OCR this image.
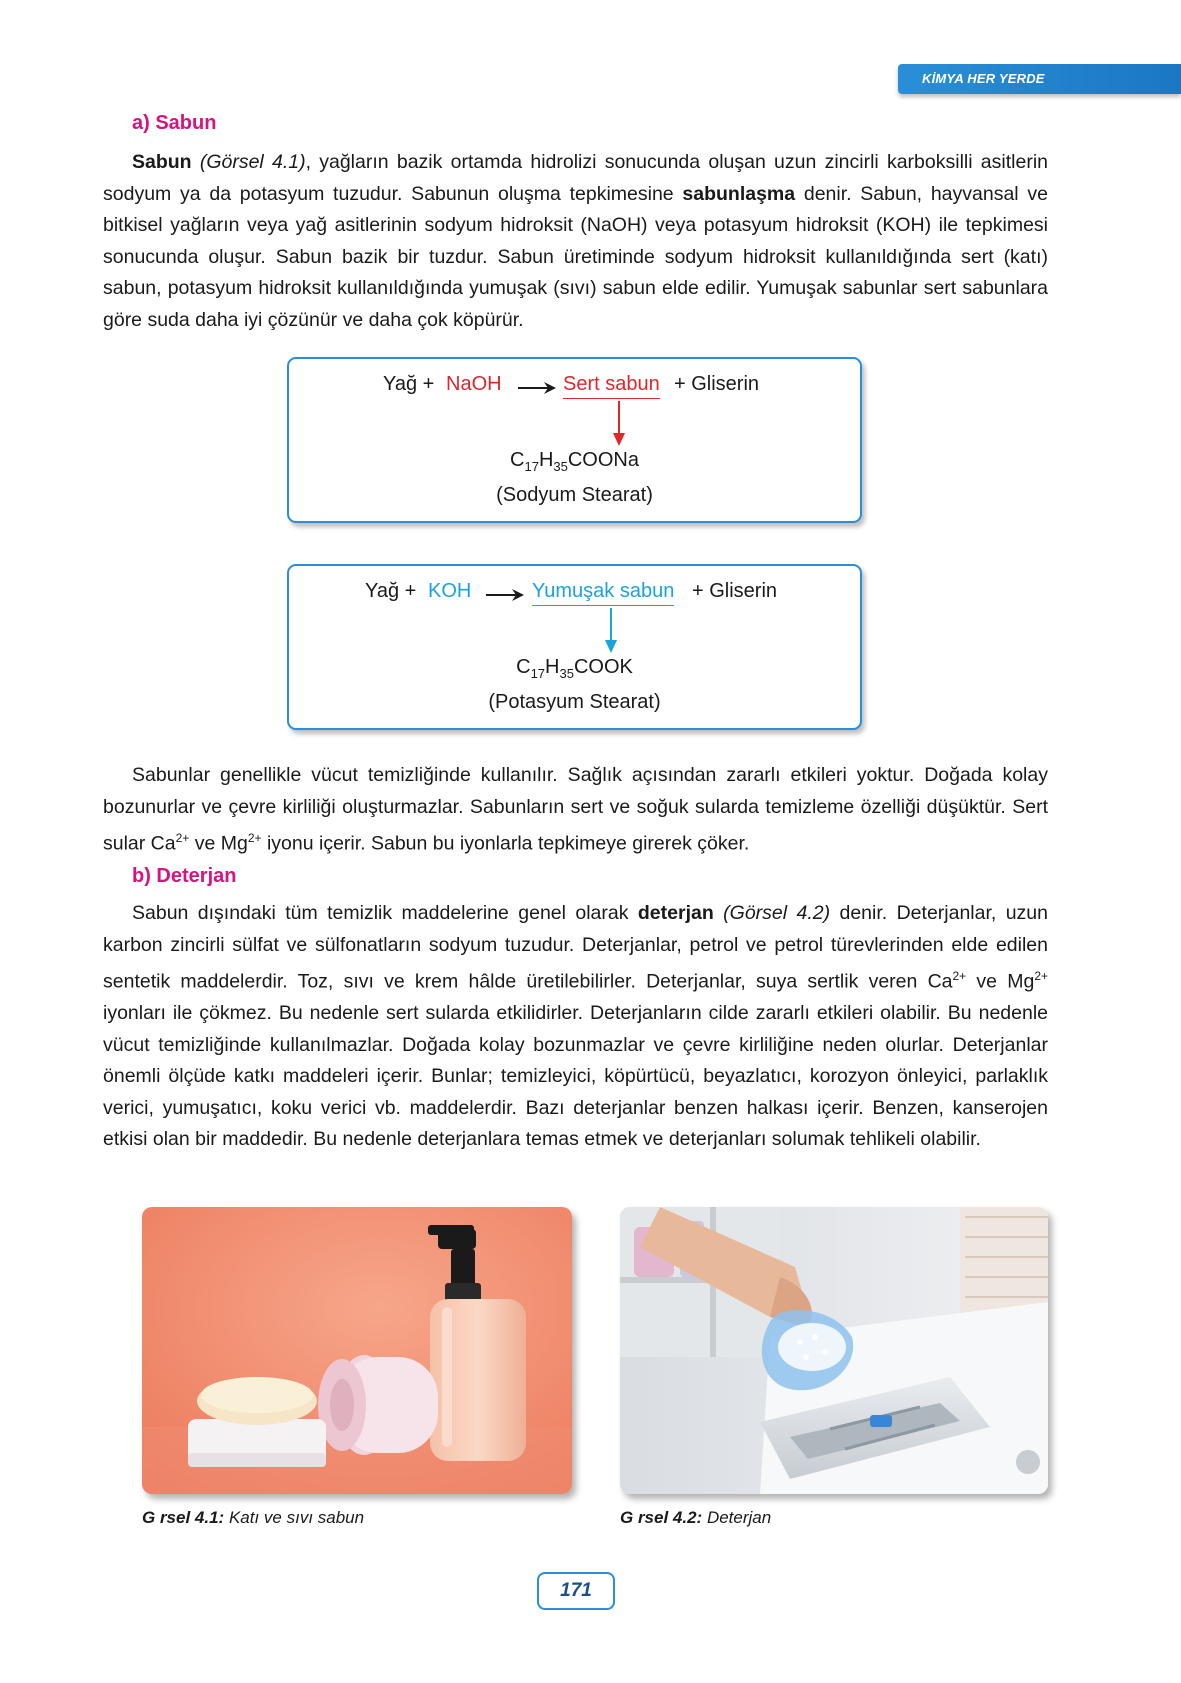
KİMYA HER YERDE
a) Sabun

Sabun (Görsel 4.1), yağların bazik ortamda hidrolizi sonucunda oluşan uzun zincirli karboksilli asitlerin sodyum ya da potasyum tuzudur. Sabunun oluşma tepkimesine sabunlaşma denir. Sabun, hayvansal ve bitkisel yağların veya yağ asitlerinin sodyum hidroksit (NaOH) veya potasyum hidroksit (KOH) ile tepkimesi sonucunda oluşur. Sabun bazik bir tuzdur. Sabun üretiminde sodyum hidroksit kullanıldığında sert (katı) sabun, potasyum hidroksit kullanıldığında yumuşak (sıvı) sabun elde edilir. Yumuşak sabunlar sert sabunlara göre suda daha iyi çözünür ve daha çok köpürür.

Yağ + NaOH → Sert sabun + Gliserin
$C_{17}H_{35}COONa$
(Sodyum Stearat)
Yağ + KOH → Yumuşak sabun + Gliserin
$C_{17}H_{35}COOK$
(Potasyum Stearat)

Sabunlar genellikle vücut temizliğinde kullanılır. Sağlık açısından zararlı etkileri yoktur. Doğada kolay bozunurlar ve çevre kirliliği oluşturmazlar. Sabunların sert ve soğuk sularda temizleme özelliği düşüktür. Sert sular $Ca^{2+}$ ve $Mg^{2+}$ iyonu içerir. Sabun bu iyonlarla tepkimeye girerek çöker.

b) Deterjan

Sabun dışındaki tüm temizlik maddelerine genel olarak deterjan (Görsel 4.2) denir. Deterjanlar, uzun karbon zincirli sülfat ve sülfonatların sodyum tuzudur. Deterjanlar, petrol ve petrol türevlerinden elde edilen sentetik maddelerdir. Toz, sıvı ve krem hâlde üretilebilirler. Deterjanlar, suya sertlik veren $Ca^{2+}$ ve $Mg^{2+}$ iyonları ile çökmez. Bu nedenle sert sularda etkilidirler. Deterjanların cilde zararlı etkileri olabilir. Bu nedenle vücut temizliğinde kullanılmazlar. Doğada kolay bozunmazlar ve çevre kirliliğine neden olurlar. Deterjanlar önemli ölçüde katkı maddeleri içerir. Bunlar; temizleyici, köpürtücü, beyazlatıcı, korozyon önleyici, parlaklık verici, yumuşatıcı, koku verici vb. maddelerdir. Bazı deterjanlar benzen halkası içerir. Benzen, kanserojen etkisi olan bir maddedir. Bu nedenle deterjanlara temas etmek ve deterjanları solumak tehlikeli olabilir.

G rsel 4.1: Katı ve sıvı sabun	G rsel 4.2: Deterjan
171
